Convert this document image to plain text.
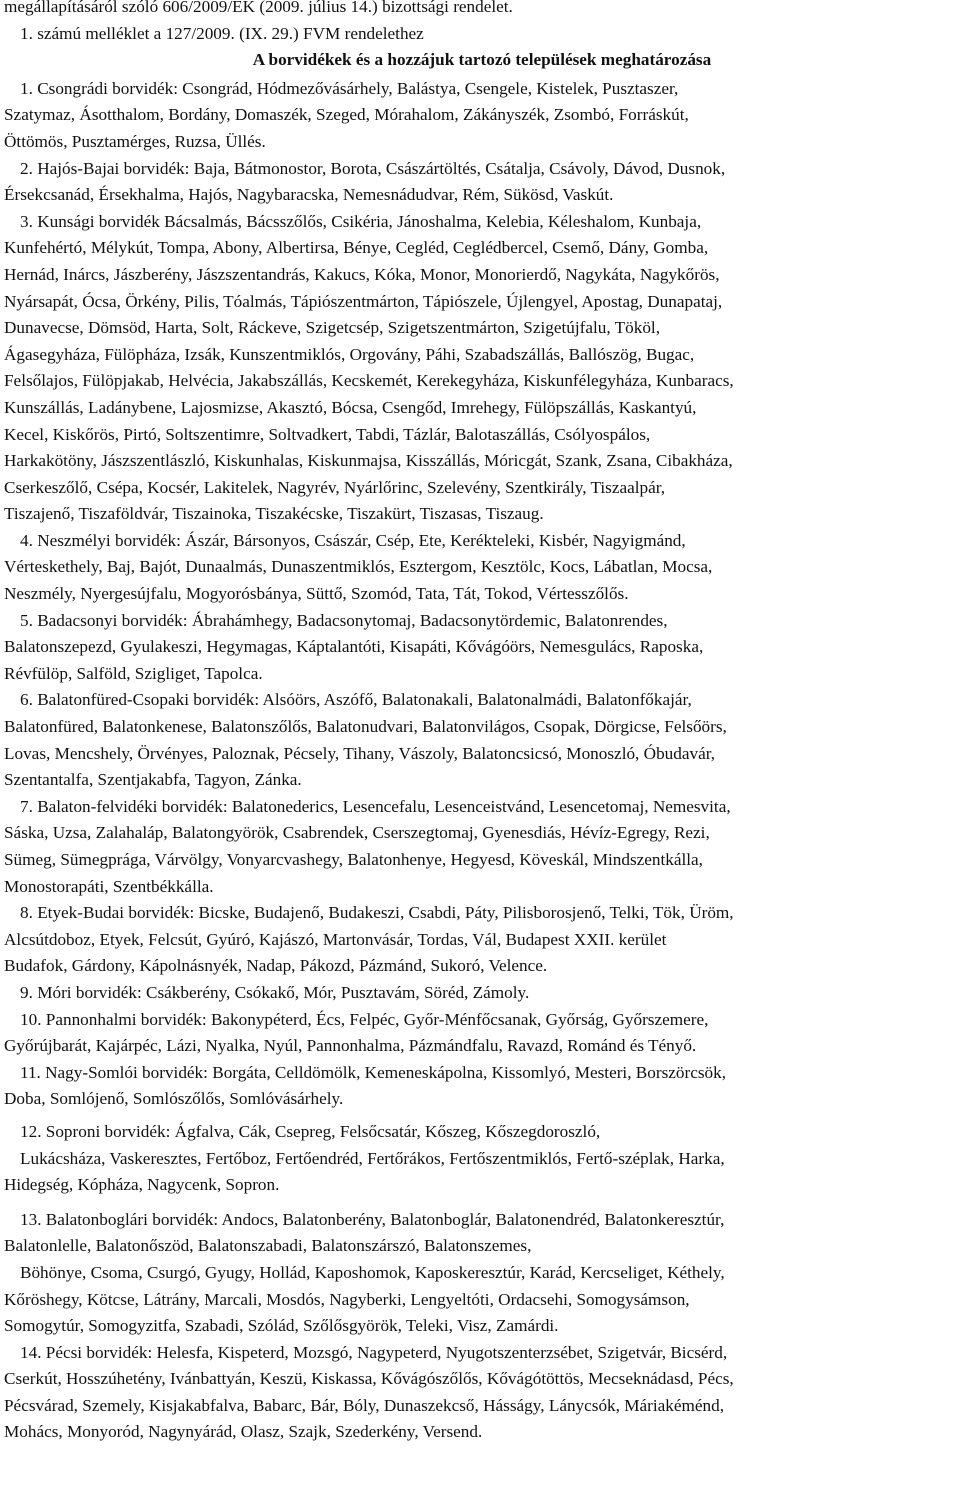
megállapításáról szóló 606/2009/EK (2009. július 14.) bizottsági rendelet.
1. számú melléklet a 127/2009. (IX. 29.) FVM rendelethez
A borvidékek és a hozzájuk tartozó települések meghatározása
1. Csongrádi borvidék: Csongrád, Hódmezővásárhely, Balástya, Csengele, Kistelek, Pusztaszer,
Szatymaz, Ásotthalom, Bordány, Domaszék, Szeged, Mórahalom, Zákányszék, Zsombó, Forráskút,
Öttömös, Pusztamérges, Ruzsa, Üllés.
2. Hajós-Bajai borvidék: Baja, Bátmonostor, Borota, Császártöltés, Csátalja, Csávoly, Dávod, Dusnok,
Érsekcsanád, Érsekhalma, Hajós, Nagybaracska, Nemesnádudvar, Rém, Sükösd, Vaskút.
3. Kunsági borvidék Bácsalmás, Bácsszőlős, Csikéria, Jánoshalma, Kelebia, Kéleshalom, Kunbaja,
Kunfehértó, Mélykút, Tompa, Abony, Albertirsa, Bénye, Cegléd, Ceglédbercel, Csemő, Dány, Gomba,
Hernád, Inárcs, Jászberény, Jászszentandrás, Kakucs, Kóka, Monor, Monorierdő, Nagykáta, Nagykőrös,
Nyársapát, Ócsa, Örkény, Pilis, Tóalmás, Tápiószentmárton, Tápiószele, Újlengyel, Apostag, Dunapataj,
Dunavecse, Dömsöd, Harta, Solt, Ráckeve, Szigetcsép, Szigetszentmárton, Szigetújfalu, Tököl,
Ágasegyháza, Fülöpháza, Izsák, Kunszentmiklós, Orgovány, Páhi, Szabadszállás, Ballószög, Bugac,
Felsőlajos, Fülöpjakab, Helvécia, Jakabszállás, Kecskemét, Kerekegyháza, Kiskunfélegyháza, Kunbaracs,
Kunszállás, Ladánybene, Lajosmizse, Akasztó, Bócsa, Csengőd, Imrehegy, Fülöpszállás, Kaskantyú,
Kecel, Kiskőrös, Pirtó, Soltszentimre, Soltvadkert, Tabdi, Tázlár, Balotaszállás, Csólyospálos,
Harkakötöny, Jászszentlászló, Kiskunhalas, Kiskunmajsa, Kisszállás, Móricgát, Szank, Zsana, Cibakháza,
Cserkeszőlő, Csépa, Kocsér, Lakitelek, Nagyrév, Nyárlőrinc, Szelevény, Szentkirály, Tiszaalpár,
Tiszajenő, Tiszaföldvár, Tiszainoka, Tiszakécske, Tiszakürt, Tiszasas, Tiszaug.
4. Neszmélyi borvidék: Ászár, Bársonyos, Császár, Csép, Ete, Kerékteleki, Kisbér, Nagyigmánd,
Vérteskethely, Baj, Bajót, Dunaalmás, Dunaszentmiklós, Esztergom, Kesztölc, Kocs, Lábatlan, Mocsa,
Neszmély, Nyergesújfalu, Mogyorósbánya, Süttő, Szomód, Tata, Tát, Tokod, Vértesszőlős.
5. Badacsonyi borvidék: Ábrahámhegy, Badacsonytomaj, Badacsonytördemic, Balatonrendes,
Balatonszepezd, Gyulakeszi, Hegymagas, Káptalantóti, Kisapáti, Kővágóörs, Nemesgulács, Raposka,
Révfülöp, Salföld, Szigliget, Tapolca.
6. Balatonfüred-Csopaki borvidék: Alsóörs, Aszófő, Balatonakali, Balatonalmádi, Balatonfőkajár,
Balatonfüred, Balatonkenese, Balatonszőlős, Balatonudvari, Balatonvilágos, Csopak, Dörgicse, Felsőörs,
Lovas, Mencshely, Örvényes, Paloznak, Pécsely, Tihany, Vászoly, Balatoncsicsó, Monoszló, Óbudavár,
Szentantalfa, Szentjakabfa, Tagyon, Zánka.
7. Balaton-felvidéki borvidék: Balatonederics, Lesencefalu, Lesenceistvánd, Lesencetomaj, Nemesvita,
Sáska, Uzsa, Zalahaláp, Balatongyörök, Csabrendek, Cserszegtomaj, Gyenesdiás, Hévíz-Egregy, Rezi,
Sümeg, Sümegprága, Várvölgy, Vonyarcvashegy, Balatonhenye, Hegyesd, Köveskál, Mindszentkálla,
Monostorapáti, Szentbékkálla.
8. Etyek-Budai borvidék: Bicske, Budajenő, Budakeszi, Csabdi, Páty, Pilisborosjenő, Telki, Tök, Üröm,
Alcsútdoboz, Etyek, Felcsút, Gyúró, Kajászó, Martonvásár, Tordas, Vál, Budapest XXII. kerület
Budafok, Gárdony, Kápolnásnyék, Nadap, Pákozd, Pázmánd, Sukoró, Velence.
9. Móri borvidék: Csákberény, Csókakő, Mór, Pusztavám, Söréd, Zámoly.
10. Pannonhalmi borvidék: Bakonypéterd, Écs, Felpéc, Győr-Ménfőcsanak, Győrság, Győrszemere,
Győrújbarát, Kajárpéc, Lázi, Nyalka, Nyúl, Pannonhalma, Pázmándfalu, Ravazd, Románd és Tényő.
11. Nagy-Somlói borvidék: Borgáta, Celldömölk, Kemeneskápolna, Kissomlyó, Mesteri, Borszörcsök,
Doba, Somlójenő, Somlószőlős, Somlóvásárhely.
12. Soproni borvidék: Ágfalva, Cák, Csepreg, Felsőcsatár, Kőszeg, Kőszegdoroszló,
Lukácsháza, Vaskeresztes, Fertőboz, Fertőendréd, Fertőrákos, Fertőszentmiklós, Fertő-széplak, Harka,
Hidegség, Kópháza, Nagycenk, Sopron.
13. Balatonboglári borvidék: Andocs, Balatonberény, Balatonboglár, Balatonendréd, Balatonkeresztúr,
Balatonlelle, Balatonőszöd, Balatonszabadi, Balatonszárszó, Balatonszemes,
Böhönye, Csoma, Csurgó, Gyugy, Hollád, Kaposhomok, Kaposkeresztúr, Karád, Kercseliget, Kéthely,
Kőröshegy, Kötcse, Látrány, Marcali, Mosdós, Nagyberki, Lengyeltóti, Ordacsehi, Somogysámson,
Somogytúr, Somogyzitfa, Szabadi, Szólád, Szőlősgyörök, Teleki, Visz, Zamárdi.
14. Pécsi borvidék: Helesfa, Kispeterd, Mozsgó, Nagypeterd, Nyugotszenterzsébet, Szigetvár, Bicsérd,
Cserkút, Hosszúhetény, Ivánbattyán, Keszü, Kiskassa, Kővágószőlős, Kővágótöttös, Mecseknádasd, Pécs,
Pécsvárad, Szemely, Kisjakabfalva, Babarc, Bár, Bóly, Dunaszekcső, Hásságy, Lánycsók, Máriakéménd,
Mohács, Monyoród, Nagynyárád, Olasz, Szajk, Szederkény, Versend.
